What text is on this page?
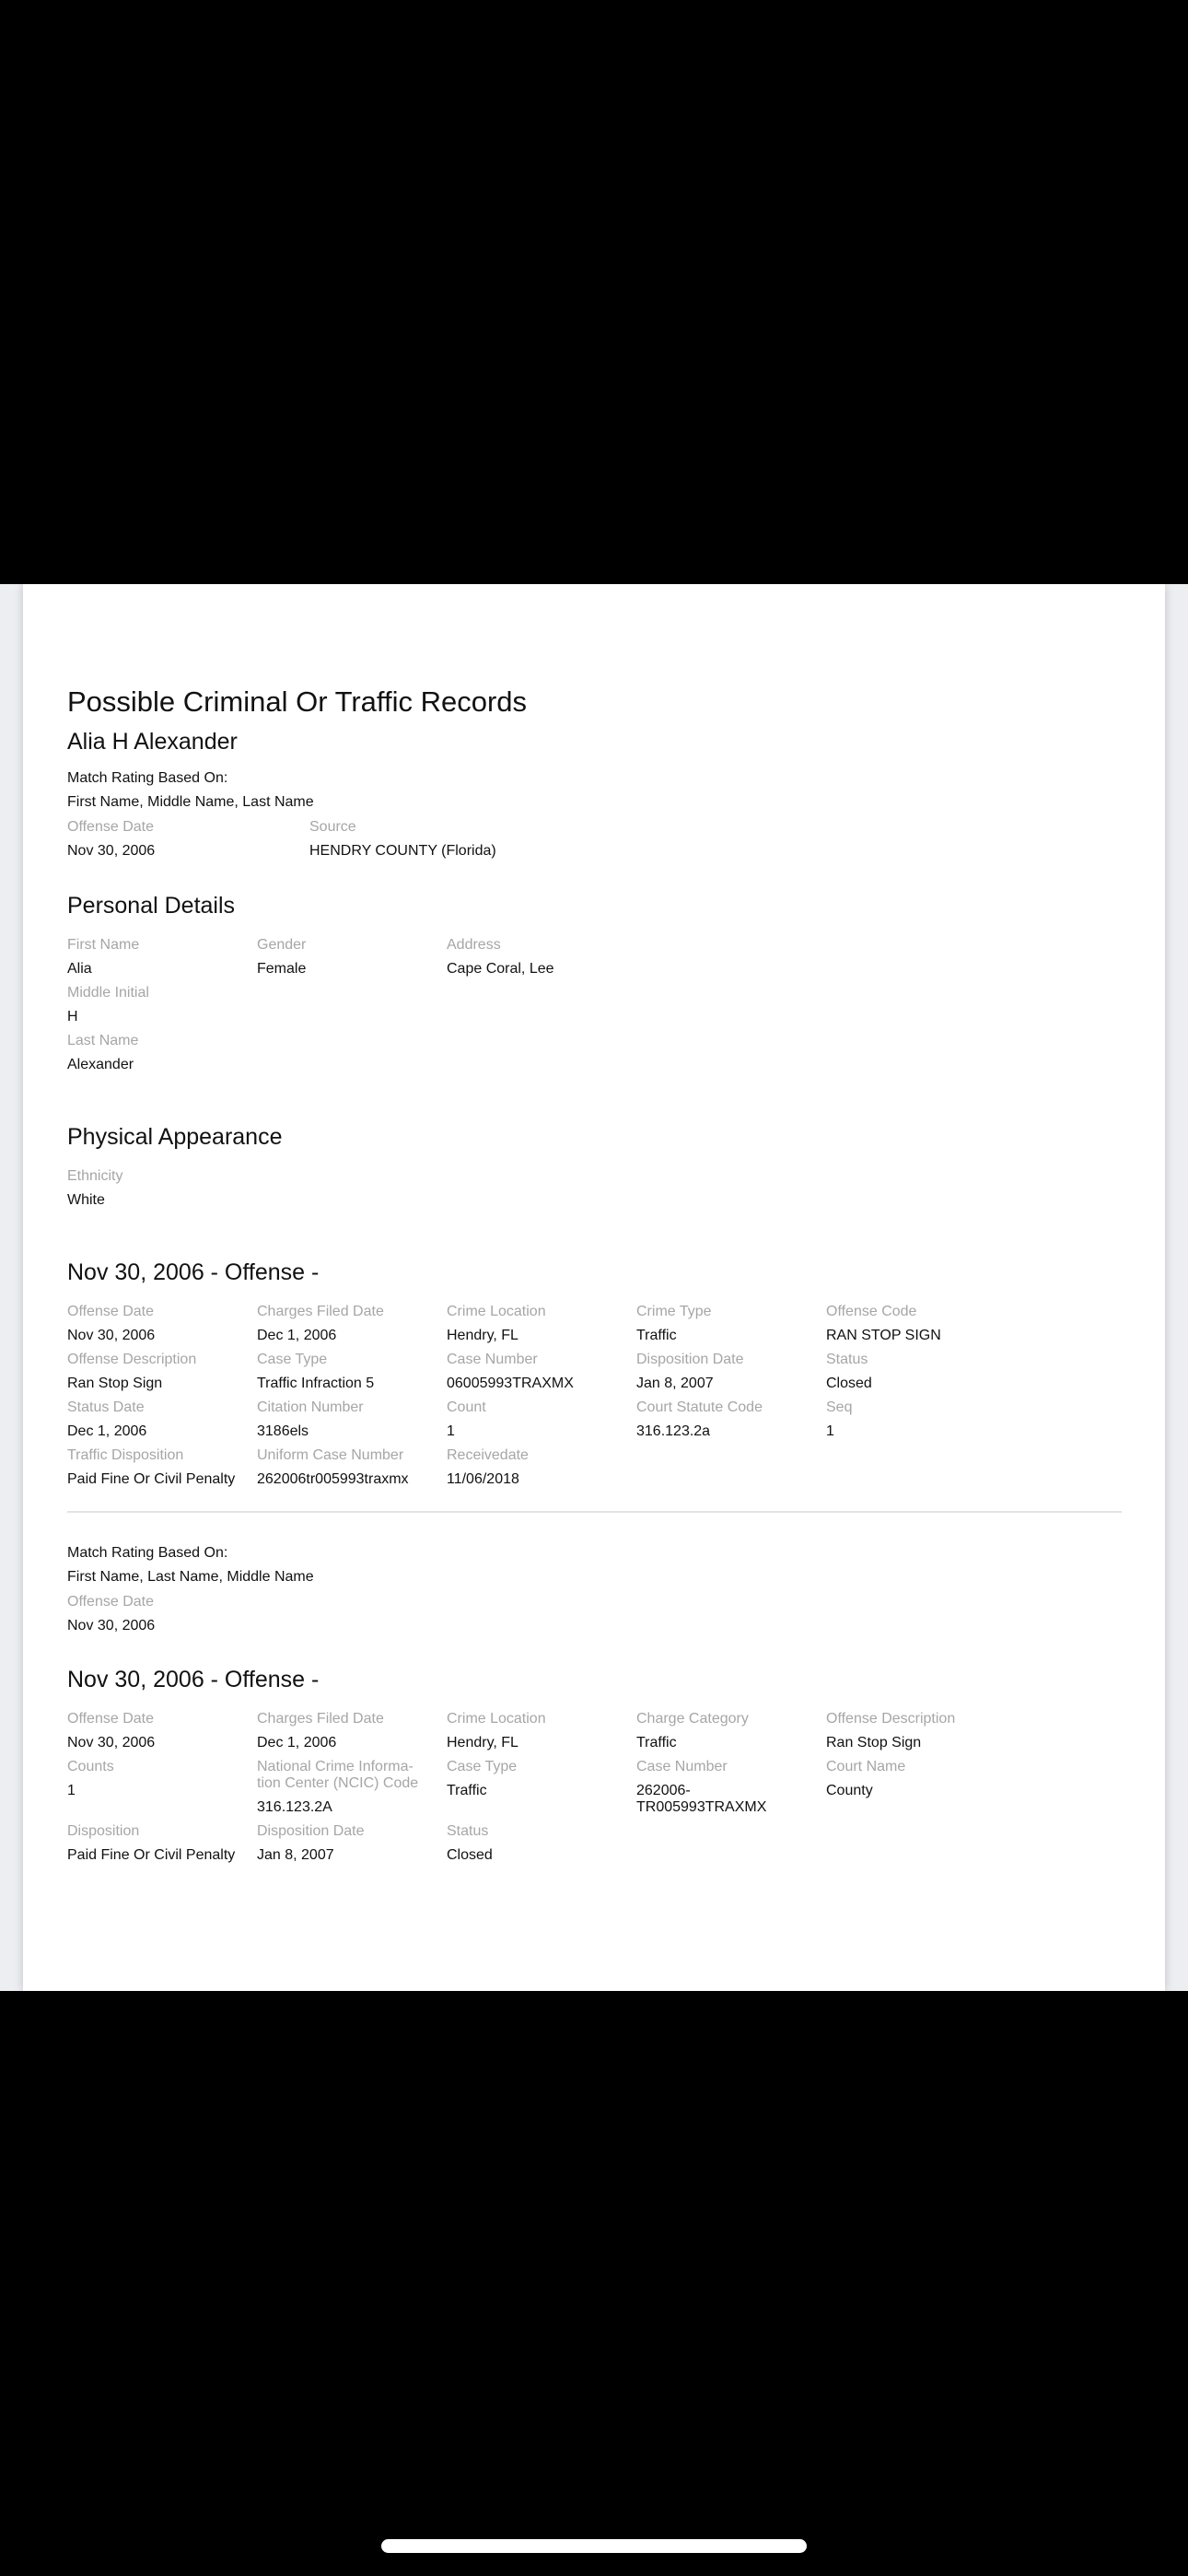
Possible Criminal Or Traffic Records
Alia H Alexander
Match Rating Based On:
First Name, Middle Name, Last Name
Offense Date
Nov 30, 2006
Source
HENDRY COUNTY (Florida)
Personal Details
First Name
Alia
Gender
Female
Address
Cape Coral, Lee
Middle Initial
H
Last Name
Alexander
Physical Appearance
Ethnicity
White
Nov 30, 2006 - Offense -
Offense Date
Nov 30, 2006
Charges Filed Date
Dec 1, 2006
Crime Location
Hendry, FL
Crime Type
Traffic
Offense Code
RAN STOP SIGN
Offense Description
Ran Stop Sign
Case Type
Traffic Infraction 5
Case Number
06005993TRAXMX
Disposition Date
Jan 8, 2007
Status
Closed
Status Date
Dec 1, 2006
Citation Number
3186els
Count
1
Court Statute Code
316.123.2a
Seq
1
Traffic Disposition
Paid Fine Or Civil Penalty
Uniform Case Number
262006tr005993traxmx
Receivedate
11/06/2018
Match Rating Based On:
First Name, Last Name, Middle Name
Offense Date
Nov 30, 2006
Nov 30, 2006 - Offense -
Offense Date
Nov 30, 2006
Charges Filed Date
Dec 1, 2006
Crime Location
Hendry, FL
Charge Category
Traffic
Offense Description
Ran Stop Sign
Counts
1
National Crime Informa-
tion Center (NCIC) Code
316.123.2A
Case Type
Traffic
Case Number
262006-
TR005993TRAXMX
Court Name
County
Disposition
Paid Fine Or Civil Penalty
Disposition Date
Jan 8, 2007
Status
Closed
